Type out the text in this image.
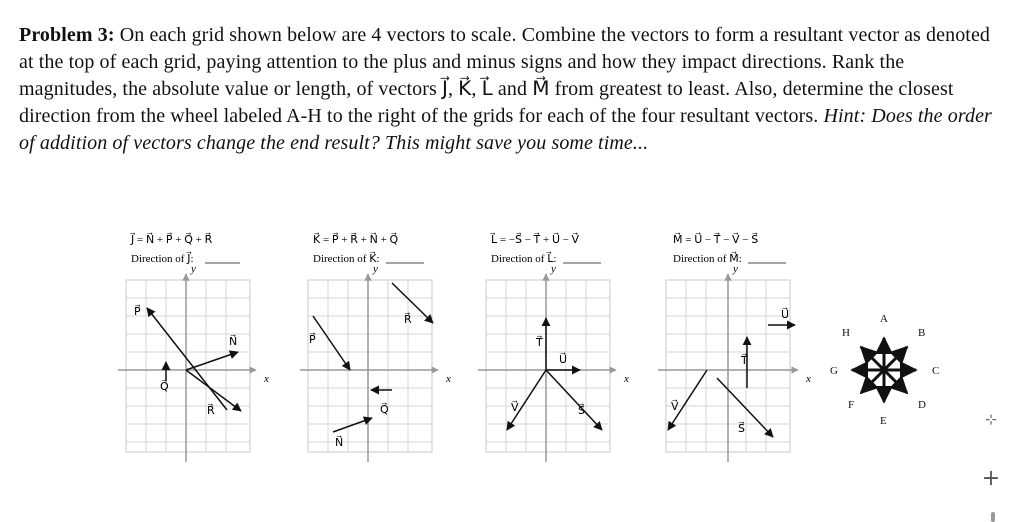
Problem 3: On each grid shown below are 4 vectors to scale. Combine the vectors to form a resultant vector as denoted at the top of each grid, paying attention to the plus and minus signs and how they impact directions. Rank the magnitudes, the absolute value or length, of vectors J⃗, K⃗, L⃗ and M⃗ from greatest to least. Also, determine the closest direction from the wheel labeled A-H to the right of the grids for each of the four resultant vectors. Hint: Does the order of addition of vectors change the end result? This might save you some time...
J⃗ = N⃗ + P⃗ + Q⃗ + R⃗
Direction of J⃗:
y
x
P⃗
N⃗
Q⃗
R⃗
K⃗ = P⃗ + R⃗ + N⃗ + Q⃗
Direction of K⃗:
y
x
P⃗
R⃗
Q⃗
N⃗
L⃗ = −S⃗ − T⃗ + U⃗ − V⃗
Direction of L⃗:
y
x
T⃗
U⃗
V⃗	S⃗
M⃗ = U⃗ − T⃗ − V⃗ − S⃗
Direction of M⃗:
y
x
U⃗
T⃗
V⃗
S⃗
A
B
C
D
E
F
G
H
⊹
+
